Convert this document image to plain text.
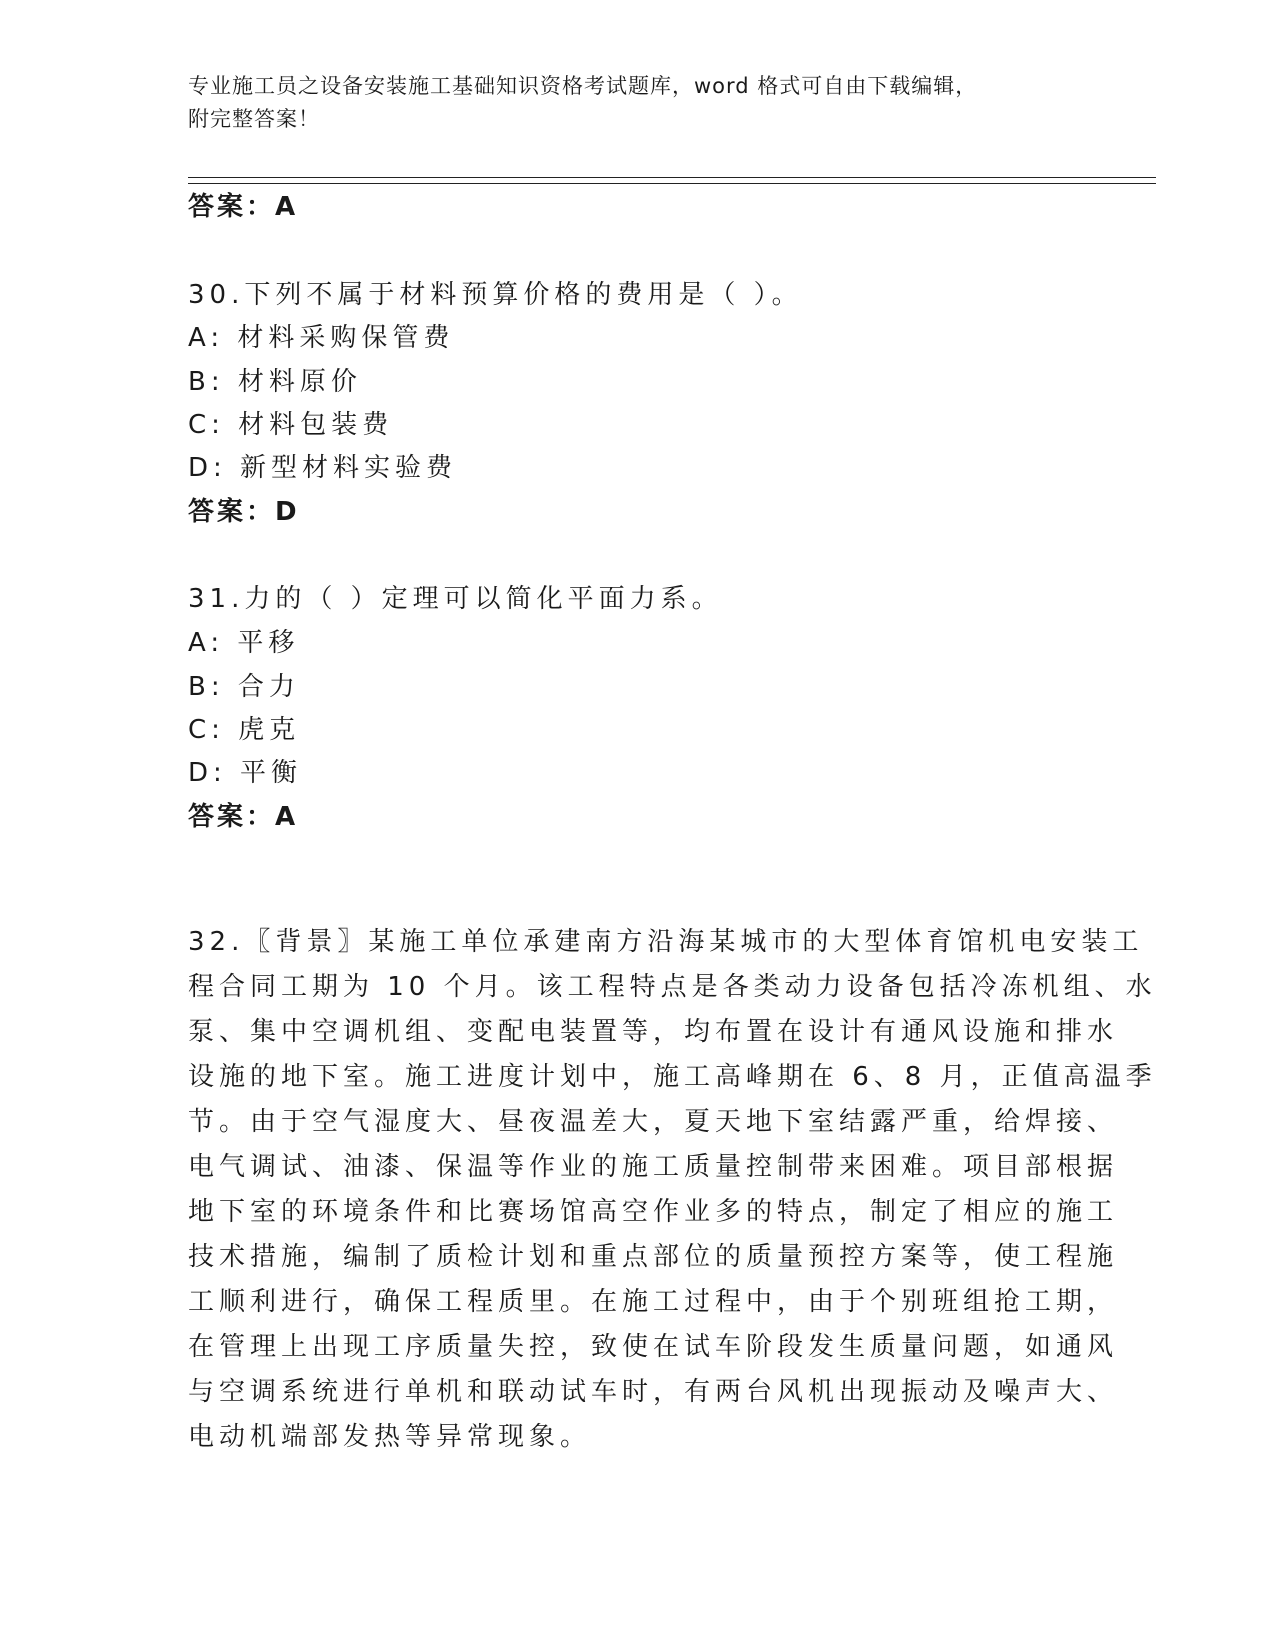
专业施工员之设备安装施工基础知识资格考试题库，word 格式可自由下载编辑，
附完整答案！
答案：A
30.下列不属于材料预算价格的费用是（ ）。
A: 材料采购保管费
B: 材料原价
C: 材料包装费
D: 新型材料实验费
答案：D
31.力的（ ）定理可以简化平面力系。
A: 平移
B: 合力
C: 虎克
D: 平衡
答案：A
32.〖背景〗某施工单位承建南方沿海某城市的大型体育馆机电安装工
程合同工期为 10 个月。该工程特点是各类动力设备包括冷冻机组、水
泵、集中空调机组、变配电装置等，均布置在设计有通风设施和排水
设施的地下室。施工进度计划中，施工高峰期在 6、8 月，正值高温季
节。由于空气湿度大、昼夜温差大，夏天地下室结露严重，给焊接、
电气调试、油漆、保温等作业的施工质量控制带来困难。项目部根据
地下室的环境条件和比赛场馆高空作业多的特点，制定了相应的施工
技术措施，编制了质检计划和重点部位的质量预控方案等，使工程施
工顺利进行，确保工程质里。在施工过程中，由于个别班组抢工期，
在管理上出现工序质量失控，致使在试车阶段发生质量问题，如通风
与空调系统进行单机和联动试车时，有两台风机出现振动及噪声大、
电动机端部发热等异常现象。
